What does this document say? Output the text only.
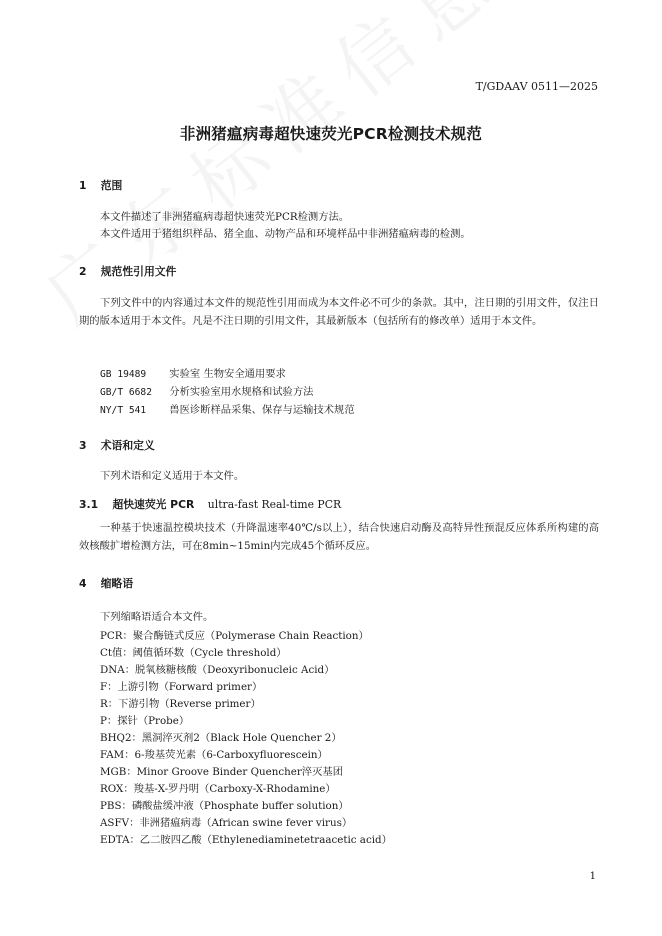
T/GDAAV 0511—2025
非洲猪瘟病毒超快速荧光PCR检测技术规范
1 范围
本文件描述了非洲猪瘟病毒超快速荧光PCR检测方法。
本文件适用于猪组织样品、猪全血、动物产品和环境样品中非洲猪瘟病毒的检测。
2 规范性引用文件
下列文件中的内容通过本文件的规范性引用而成为本文件必不可少的条款。其中，注日期的引用文件，仅注日期的版本适用于本文件。凡是不注日期的引用文件，其最新版本（包括所有的修改单）适用于本文件。
GB 19489 实验室 生物安全通用要求
GB/T 6682 分析实验室用水规格和试验方法
NY/T 541 兽医诊断样品采集、保存与运输技术规范
3 术语和定义
下列术语和定义适用于本文件。
3.1 超快速荧光 PCR ultra-fast Real-time PCR
一种基于快速温控模块技术（升降温速率40℃/s以上），结合快速启动酶及高特异性预混反应体系所构建的高效核酸扩增检测方法，可在8min~15min内完成45个循环反应。
4 缩略语
下列缩略语适合本文件。
PCR：聚合酶链式反应（Polymerase Chain Reaction）
Ct值：阈值循环数（Cycle threshold）
DNA：脱氧核糖核酸（Deoxyribonucleic Acid）
F：上游引物（Forward primer）
R：下游引物（Reverse primer）
P：探针（Probe）
BHQ2：黑洞淬灭剂2（Black Hole Quencher 2）
FAM：6-羧基荧光素（6-Carboxyfluorescein）
MGB：Minor Groove Binder Quencher淬灭基团
ROX：羧基-X-罗丹明（Carboxy-X-Rhodamine）
PBS：磷酸盐缓冲液（Phosphate buffer solution）
ASFV：非洲猪瘟病毒（African swine fever virus）
EDTA：乙二胺四乙酸（Ethylenediaminetetraacetic acid）
1
